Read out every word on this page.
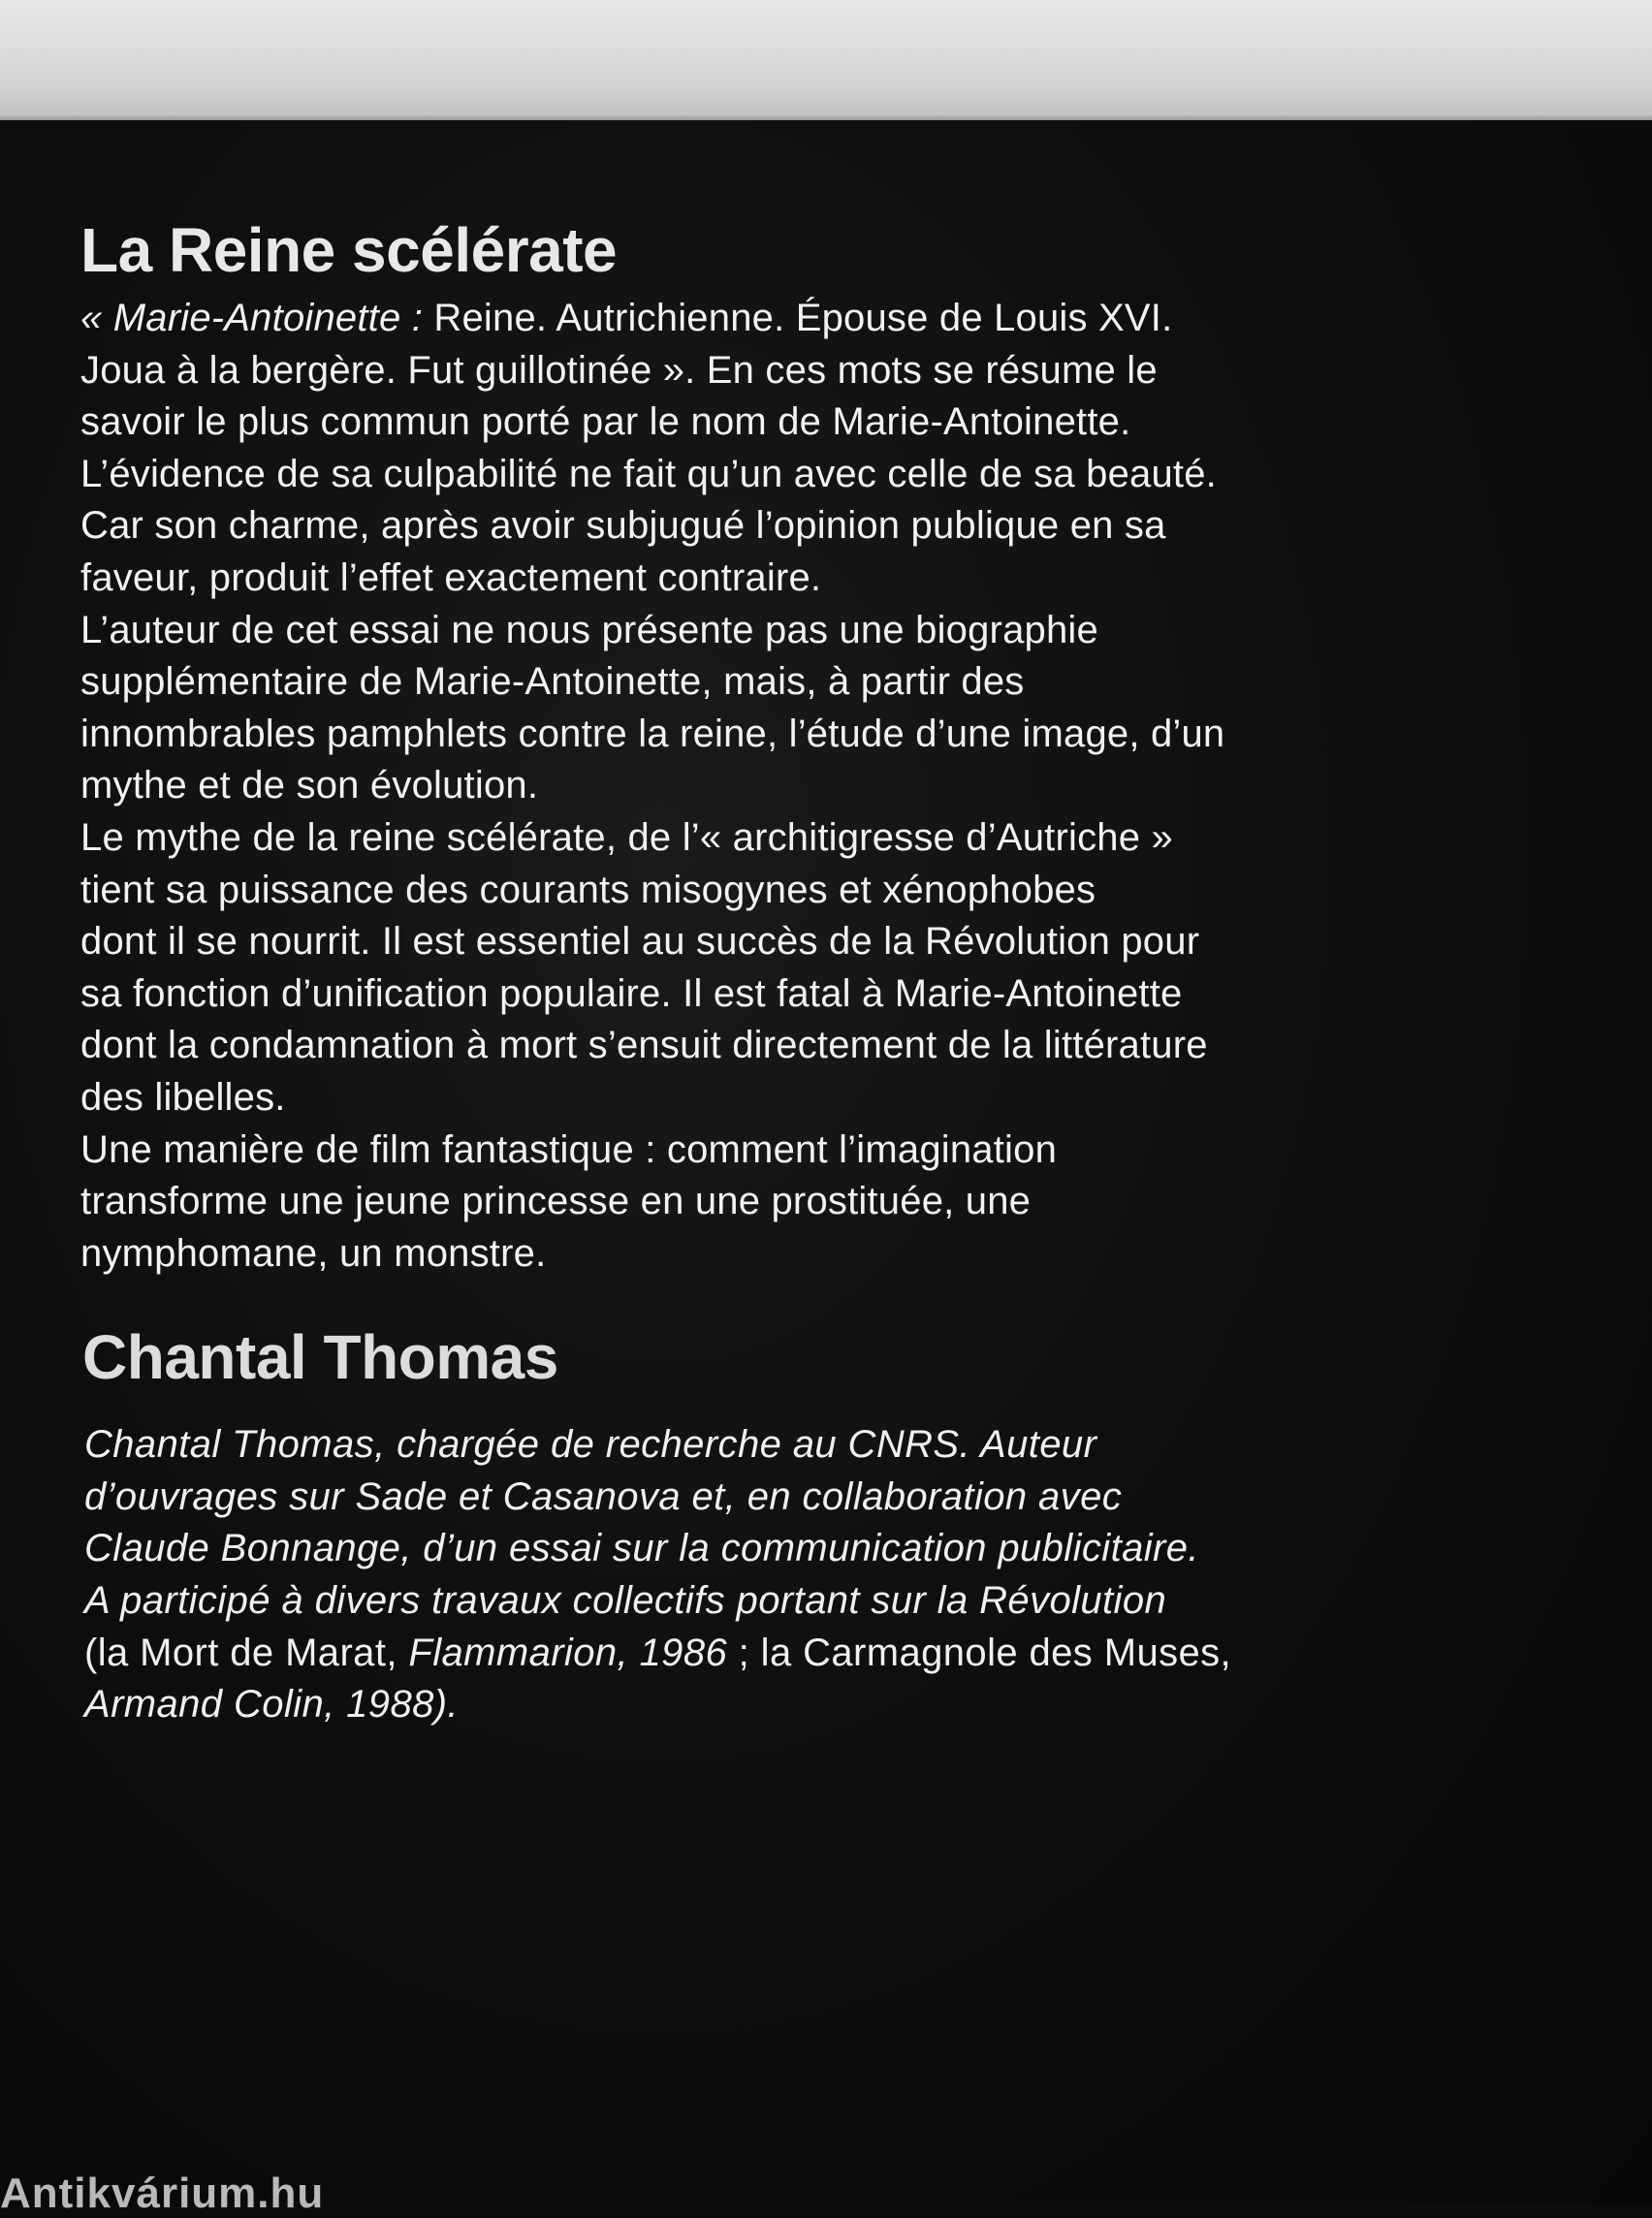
La Reine scélérate

« Marie-Antoinette : Reine. Autrichienne. Épouse de Louis XVI.
Joua à la bergère. Fut guillotinée ». En ces mots se résume le
savoir le plus commun porté par le nom de Marie-Antoinette.
L’évidence de sa culpabilité ne fait qu’un avec celle de sa beauté.
Car son charme, après avoir subjugué l’opinion publique en sa
faveur, produit l’effet exactement contraire.
L’auteur de cet essai ne nous présente pas une biographie
supplémentaire de Marie-Antoinette, mais, à partir des
innombrables pamphlets contre la reine, l’étude d’une image, d’un
mythe et de son évolution.
Le mythe de la reine scélérate, de l’« architigresse d’Autriche »
tient sa puissance des courants misogynes et xénophobes
dont il se nourrit. Il est essentiel au succès de la Révolution pour
sa fonction d’unification populaire. Il est fatal à Marie-Antoinette
dont la condamnation à mort s’ensuit directement de la littérature
des libelles.
Une manière de film fantastique : comment l’imagination
transforme une jeune princesse en une prostituée, une
nymphomane, un monstre.

Chantal Thomas

Chantal Thomas, chargée de recherche au CNRS. Auteur
d’ouvrages sur Sade et Casanova et, en collaboration avec
Claude Bonnange, d’un essai sur la communication publicitaire.
A participé à divers travaux collectifs portant sur la Révolution
(la Mort de Marat, Flammarion, 1986 ; la Carmagnole des Muses,
Armand Colin, 1988).

Antikvárium.hu
